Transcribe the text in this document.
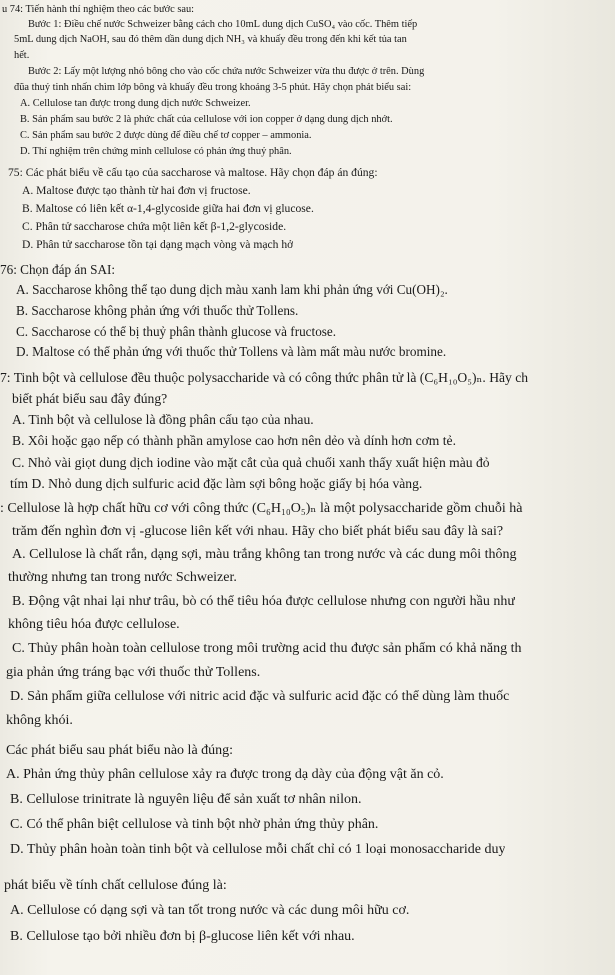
u 74: Tiến hành thí nghiệm theo các bước sau:
Bước 1: Điều chế nước Schweizer bằng cách cho 10mL dung dịch CuSO₄ vào cốc. Thêm tiếp
5mL dung dịch NaOH, sau đó thêm dần dung dịch NH₃ và khuấy đều trong đến khi kết tủa tan
hết.
Bước 2: Lấy một lượng nhỏ bông cho vào cốc chứa nước Schweizer vừa thu được ở trên. Dùng
đũa thuỷ tinh nhấn chìm lớp bông và khuấy đều trong khoảng 3-5 phút. Hãy chọn phát biểu sai:
A. Cellulose tan được trong dung dịch nước Schweizer.
B. Sản phẩm sau bước 2 là phức chất của cellulose với ion copper ở dạng dung dịch nhớt.
C. Sản phẩm sau bước 2 được dùng để điều chế tơ copper – ammonia.
D. Thí nghiệm trên chứng minh cellulose có phản ứng thuỷ phân.
75: Các phát biểu về cấu tạo của saccharose và maltose. Hãy chọn đáp án đúng:
A. Maltose được tạo thành từ hai đơn vị fructose.
B. Maltose có liên kết α-1,4-glycoside giữa hai đơn vị glucose.
C. Phân tử saccharose chứa một liên kết β-1,2-glycoside.
D. Phân tử saccharose tồn tại dạng mạch vòng và mạch hở
76: Chọn đáp án SAI:
A. Saccharose không thể tạo dung dịch màu xanh lam khi phản ứng với Cu(OH)₂.
B. Saccharose không phản ứng với thuốc thử Tollens.
C. Saccharose có thể bị thuỷ phân thành glucose và fructose.
D. Maltose có thể phản ứng với thuốc thử Tollens và làm mất màu nước bromine.
7: Tinh bột và cellulose đều thuộc polysaccharide và có công thức phân tử là (C₆H₁₀O₅)ₙ. Hãy ch
biết phát biểu sau đây đúng?
A. Tinh bột và cellulose là đồng phân cấu tạo của nhau.
B. Xôi hoặc gạo nếp có thành phần amylose cao hơn nên dẻo và dính hơn cơm tẻ.
C. Nhỏ vài giọt dung dịch iodine vào mặt cắt của quả chuối xanh thấy xuất hiện màu đỏ
tím D. Nhỏ dung dịch sulfuric acid đặc làm sợi bông hoặc giấy bị hóa vàng.
: Cellulose là hợp chất hữu cơ với công thức (C₆H₁₀O₅)ₙ là một polysaccharide gồm chuỗi hà
trăm đến nghìn đơn vị -glucose liên kết với nhau. Hãy cho biết phát biểu sau đây là sai?
A. Cellulose là chất rắn, dạng sợi, màu trắng không tan trong nước và các dung môi thông
thường nhưng tan trong nước Schweizer.
B. Động vật nhai lại như trâu, bò có thể tiêu hóa được cellulose nhưng con người hầu như
không tiêu hóa được cellulose.
C. Thủy phân hoàn toàn cellulose trong môi trường acid thu được sản phẩm có khả năng th
gia phản ứng tráng bạc với thuốc thử Tollens.
D. Sản phẩm giữa cellulose với nitric acid đặc và sulfuric acid đặc có thể dùng làm thuốc
không khói.
Các phát biểu sau phát biểu nào là đúng:
A. Phản ứng thủy phân cellulose xảy ra được trong dạ dày của động vật ăn cỏ.
B. Cellulose trinitrate là nguyên liệu để sản xuất tơ nhân nilon.
C. Có thể phân biệt cellulose và tinh bột nhờ phản ứng thủy phân.
D. Thủy phân hoàn toàn tinh bột và cellulose mỗi chất chỉ có 1 loại monosaccharide duy
phát biểu về tính chất cellulose đúng là:
A. Cellulose có dạng sợi và tan tốt trong nước và các dung môi hữu cơ.
B. Cellulose tạo bởi nhiều đơn bị β-glucose liên kết với nhau.
